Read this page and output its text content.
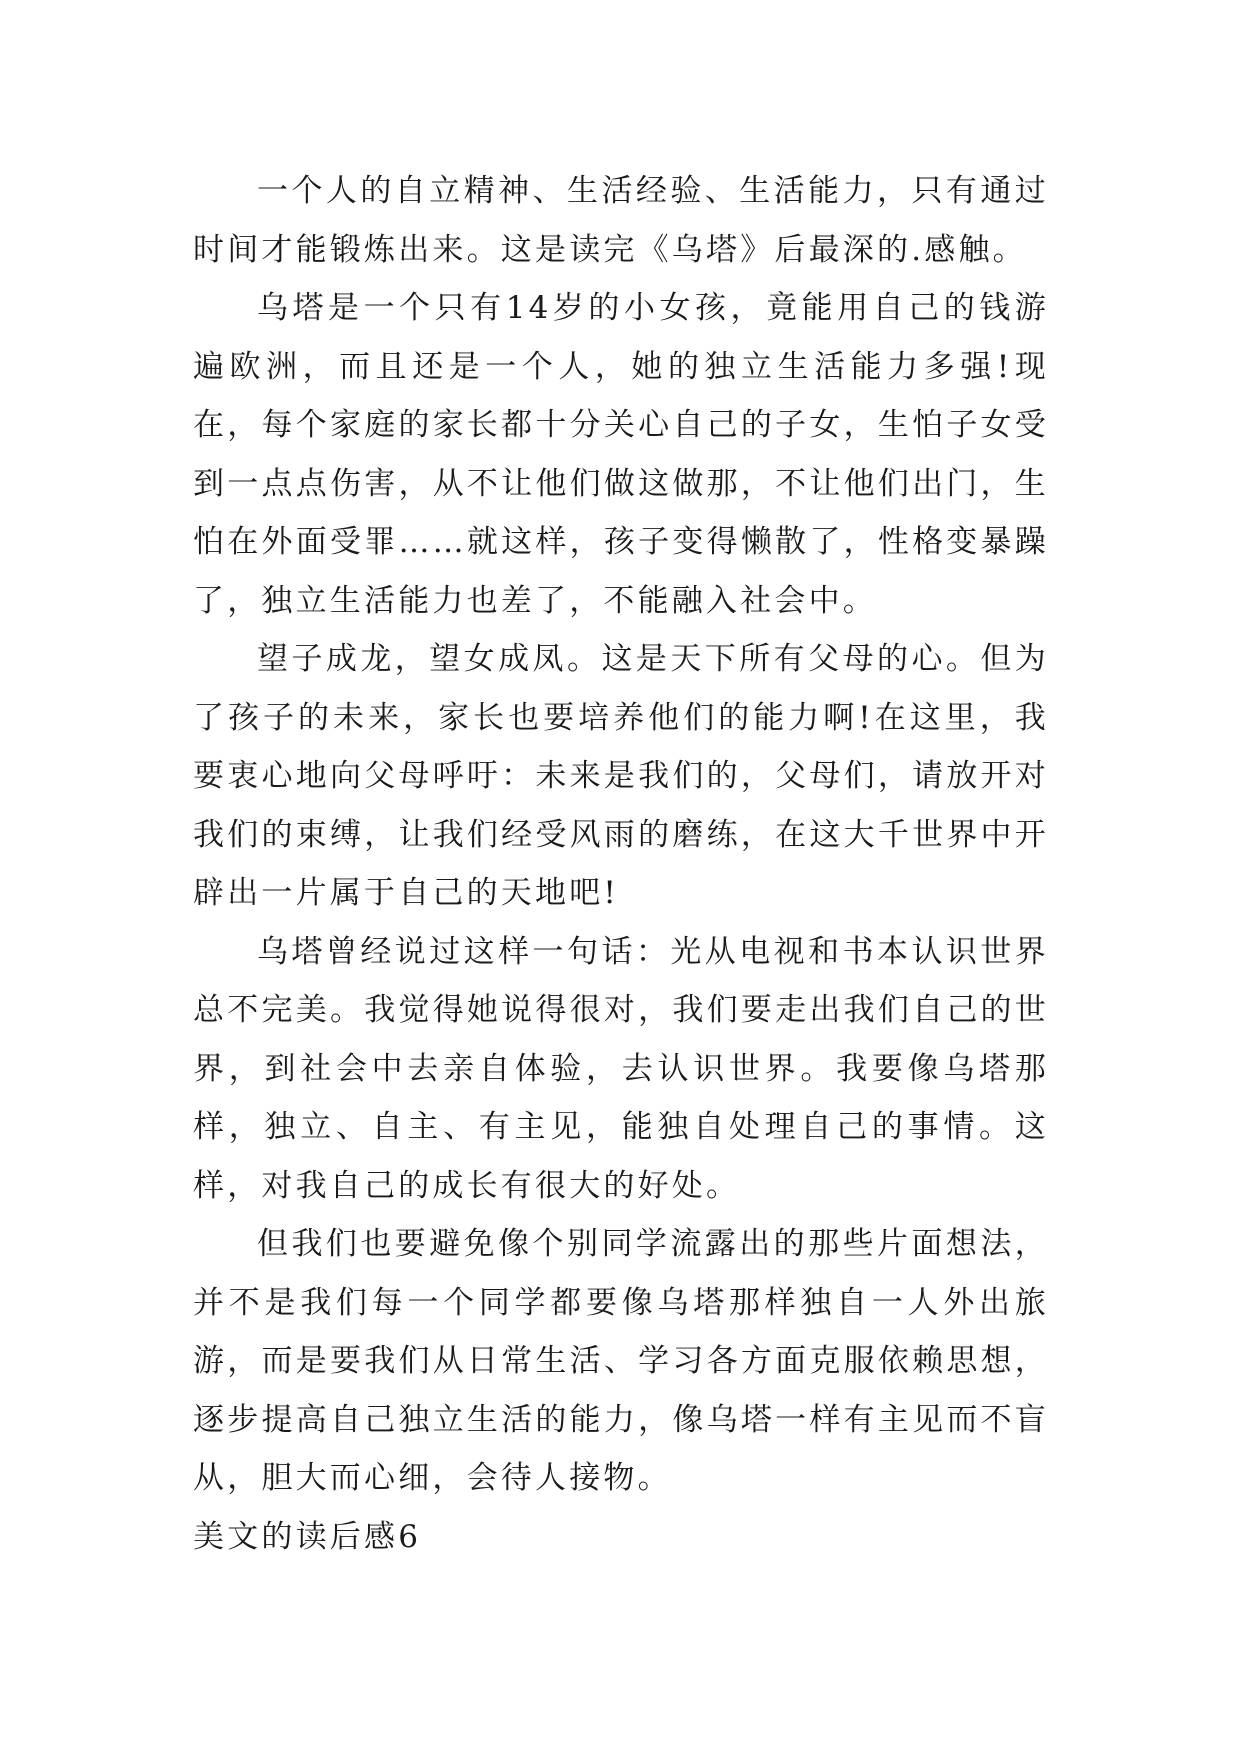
一个人的自立精神、生活经验、生活能力，只有通过时间才能锻炼出来。这是读完《乌塔》后最深的.感触。

乌塔是一个只有14岁的小女孩，竟能用自己的钱游遍欧洲，而且还是一个人，她的独立生活能力多强!现在，每个家庭的家长都十分关心自己的子女，生怕子女受到一点点伤害，从不让他们做这做那，不让他们出门，生怕在外面受罪……就这样，孩子变得懒散了，性格变暴躁了，独立生活能力也差了，不能融入社会中。

望子成龙，望女成凤。这是天下所有父母的心。但为了孩子的未来，家长也要培养他们的能力啊!在这里，我要衷心地向父母呼吁：未来是我们的，父母们，请放开对我们的束缚，让我们经受风雨的磨练，在这大千世界中开辟出一片属于自己的天地吧!

乌塔曾经说过这样一句话：光从电视和书本认识世界总不完美。我觉得她说得很对，我们要走出我们自己的世界，到社会中去亲自体验，去认识世界。我要像乌塔那样，独立、自主、有主见，能独自处理自己的事情。这样，对我自己的成长有很大的好处。

但我们也要避免像个别同学流露出的那些片面想法，并不是我们每一个同学都要像乌塔那样独自一人外出旅游，而是要我们从日常生活、学习各方面克服依赖思想，逐步提高自己独立生活的能力，像乌塔一样有主见而不盲从，胆大而心细，会待人接物。

美文的读后感6
